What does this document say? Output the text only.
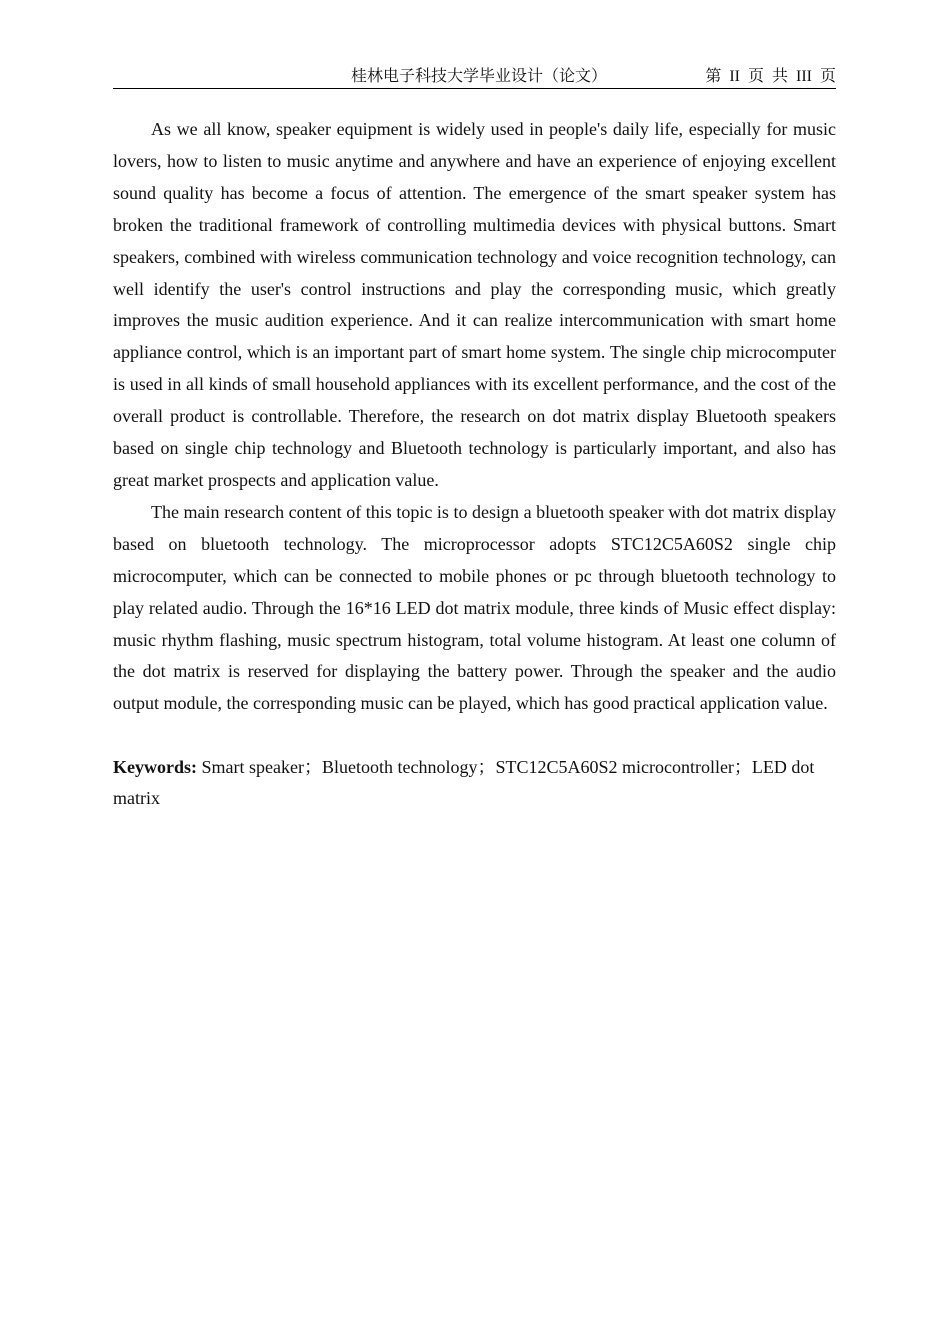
桂林电子科技大学毕业设计（论文）	第 II 页 共 III 页

As we all know, speaker equipment is widely used in people's daily life, especially for music lovers, how to listen to music anytime and anywhere and have an experience of enjoying excellent sound quality has become a focus of attention. The emergence of the smart speaker system has broken the traditional framework of controlling multimedia devices with physical buttons. Smart speakers, combined with wireless communication technology and voice recognition technology, can well identify the user's control instructions and play the corresponding music, which greatly improves the music audition experience. And it can realize intercommunication with smart home appliance control, which is an important part of smart home system. The single chip microcomputer is used in all kinds of small household appliances with its excellent performance, and the cost of the overall product is controllable. Therefore, the research on dot matrix display Bluetooth speakers based on single chip technology and Bluetooth technology is particularly important, and also has great market prospects and application value.

The main research content of this topic is to design a bluetooth speaker with dot matrix display based on bluetooth technology. The microprocessor adopts STC12C5A60S2 single chip microcomputer, which can be connected to mobile phones or pc through bluetooth technology to play related audio. Through the 16*16 LED dot matrix module, three kinds of Music effect display: music rhythm flashing, music spectrum histogram, total volume histogram. At least one column of the dot matrix is reserved for displaying the battery power. Through the speaker and the audio output module, the corresponding music can be played, which has good practical application value.

Keywords: Smart speaker；Bluetooth technology；STC12C5A60S2 microcontroller；LED dot matrix
